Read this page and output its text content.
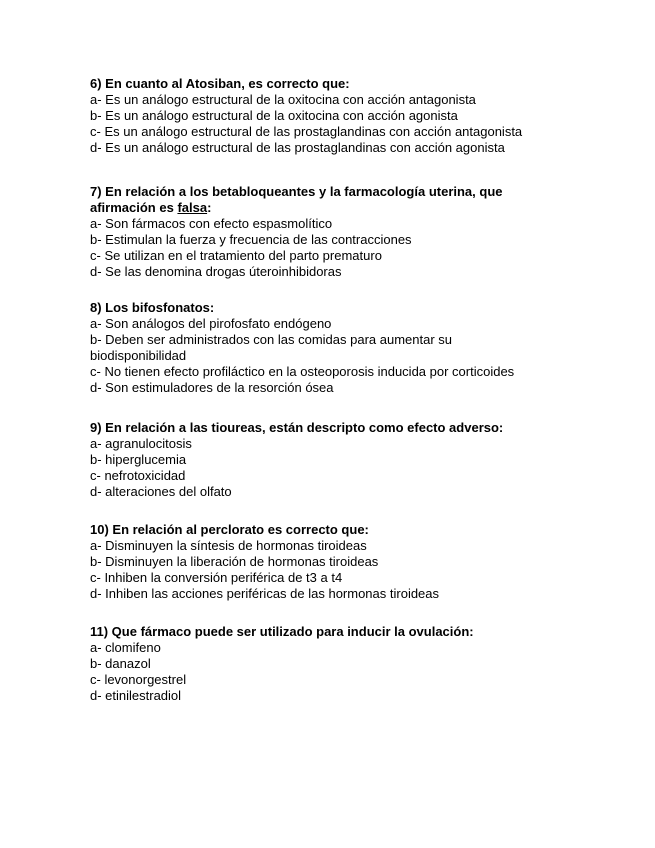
6) En cuanto al Atosiban, es correcto que:

a- Es un análogo estructural de la oxitocina con acción antagonista

b- Es un análogo estructural de la oxitocina con acción agonista

c- Es un análogo estructural de las prostaglandinas con acción antagonista

d- Es un análogo estructural de las prostaglandinas con acción agonista

7) En relación a los betabloqueantes y la farmacología uterina, que

afirmación es falsa:

a- Son fármacos con efecto espasmolítico

b- Estimulan la fuerza y frecuencia de las contracciones

c- Se utilizan en el tratamiento del parto prematuro

d- Se las denomina drogas úteroinhibidoras

8) Los bifosfonatos:

a- Son análogos del pirofosfato endógeno

b- Deben ser administrados con las comidas para aumentar su

biodisponibilidad

c- No tienen efecto profiláctico en la osteoporosis inducida por corticoides

d- Son estimuladores de la resorción ósea

9) En relación a las tioureas, están descripto como efecto adverso:

a- agranulocitosis

b- hiperglucemia

c- nefrotoxicidad

d- alteraciones del olfato

10) En relación al perclorato es correcto que:

a- Disminuyen la síntesis de hormonas tiroideas

b- Disminuyen la liberación de hormonas tiroideas

c- Inhiben la conversión periférica de t3 a t4

d- Inhiben las acciones periféricas de las hormonas tiroideas

11) Que fármaco puede ser utilizado para inducir la ovulación:

a- clomifeno

b- danazol

c- levonorgestrel

d- etinilestradiol
